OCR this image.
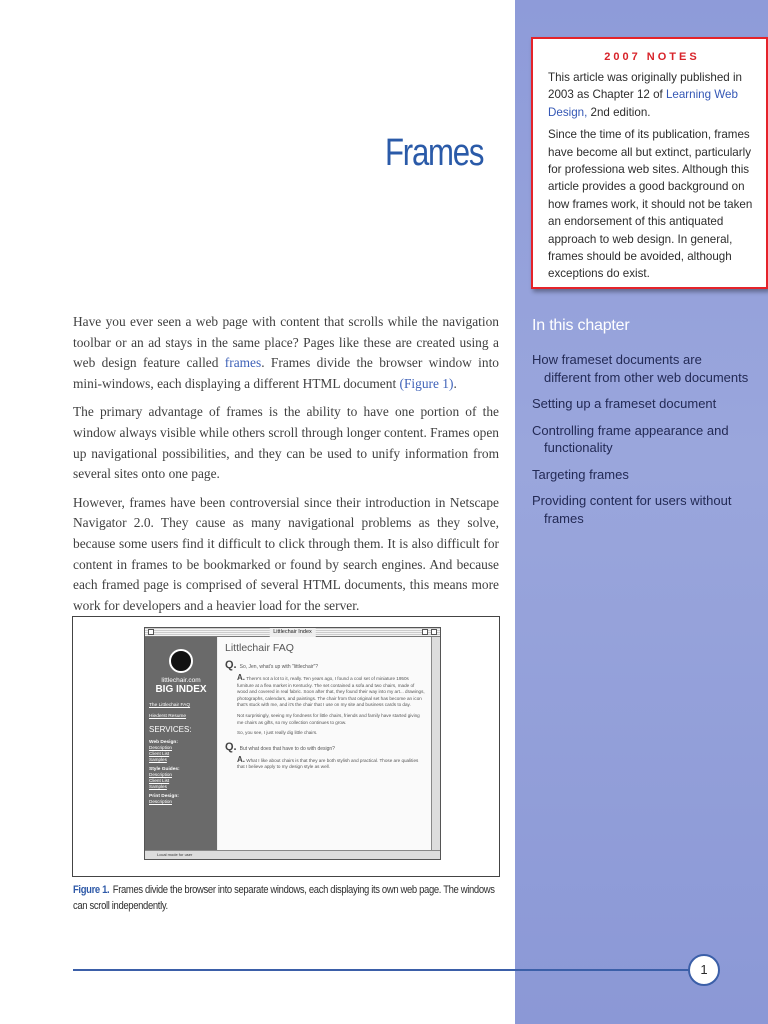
2007 NOTES

This article was originally published in 2003 as Chapter 12 of Learning Web Design, 2nd edition.

Since the time of its publication, frames have become all but extinct, particularly for professiona web sites. Although this article provides a good background on how frames work, it should not be taken an endorsement of this antiquated approach to web design. In general, frames should be avoided, although exceptions do exist.

Frames
In this chapter
How frameset documents are different from other web documents
Setting up a frameset document
Controlling frame appearance and functionality
Targeting frames
Providing content for users without frames

Have you ever seen a web page with content that scrolls while the navigation toolbar or an ad stays in the same place? Pages like these are created using a web design feature called frames. Frames divide the browser window into mini-windows, each displaying a different HTML document (Figure 1).

The primary advantage of frames is the ability to have one portion of the window always visible while others scroll through longer content. Frames open up navigational possibilities, and they can be used to unify information from several sites onto one page.

However, frames have been controversial since their introduction in Netscape Navigator 2.0. They cause as many navigational problems as they solve, because some users find it difficult to click through them. It is also difficult for content in frames to be bookmarked or found by search engines. And because each framed page is comprised of several HTML documents, this means more work for developers and a heavier load for the server.

Littlechair Index
littlechair.com
BIG INDEX
The Littlechair FAQ
Hiederst Resume
SERVICES:
Web Design:
Description
Client List
Samples
Style Guides:
Description
Client List
Samples
Print Design:
Description
Littlechair FAQ
Q. So, Jen, what's up with "littlechair"?
A. There's not a lot to it, really. Ten years ago, I found a cool set of miniature 1950s furniture at a flea market in Kentucky. The set contained a sofa and two chairs, made of wood and covered in real fabric. Soon after that, they found their way into my art... drawings, photographs, calendars, and paintings. The chair from that original set has become an icon that's stuck with me, and it's the chair that I use on my site and business cards to day.
Not surprisingly, seeing my fondness for little chairs, friends and family have started giving me chairs as gifts, so my collection continues to grow.
So, you see, I just really dig little chairs.
Q. But what does that have to do with design?
A. What I like about chairs is that they are both stylish and practical. Those are qualities that I believe apply to my design style as well.
Local mode for user
Figure 1. Frames divide the browser into separate windows, each displaying its own web page. The windows can scroll independently.
1
